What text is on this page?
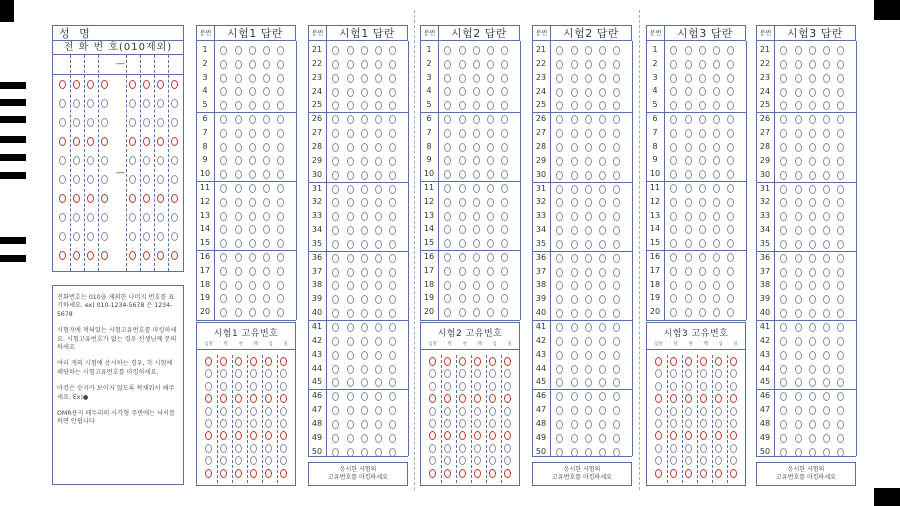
성 명
전 화 번 호(010제외)
—
—

전화번호는 010을 제외한 나머지 번호를 표기하세요. ex) 010-1234-5678 은 1234-5678

시험지에 적혀있는 시험고유번호를 마킹하세요. 시험고유번호가 없는 경우 선생님께 문의하세요

여러 개의 시험에 응시하는 경우, 각 시험에 해당하는 시험고유번호를 마킹하세요.

마킹은 숫자가 보이지 않도록 꽉채워서 해주세요. Ex)●

OMR용지 테두리의 사각형 주변에는 낙서를 하면 안됩니다

문번	시험1 답란
1
2
3
4
5
6
7
8
9
10
11
12
13
14
15
16
17
18
19
20
시험1 고유번호
십만 만 천 백 십 일
문번	시험1 답란
21
22
23
24
25
26
27
28
29
30
31
32
33
34
35
36
37
38
39
40
41
42
43
44
45
46
47
48
49
50
응시한 시험의
고유번호를 마킹하세요
문번	시험2 답란
1
2
3
4
5
6
7
8
9
10
11
12
13
14
15
16
17
18
19
20
시험2 고유번호
십만 만 천 백 십 일
문번	시험2 답란
21
22
23
24
25
26
27
28
29
30
31
32
33
34
35
36
37
38
39
40
41
42
43
44
45
46
47
48
49
50
응시한 시험의
고유번호를 마킹하세요
문번	시험3 답란
1
2
3
4
5
6
7
8
9
10
11
12
13
14
15
16
17
18
19
20
시험3 고유번호
십만 만 천 백 십 일
문번	시험3 답란
21
22
23
24
25
26
27
28
29
30
31
32
33
34
35
36
37
38
39
40
41
42
43
44
45
46
47
48
49
50
응시한 시험의
고유번호를 마킹하세요
